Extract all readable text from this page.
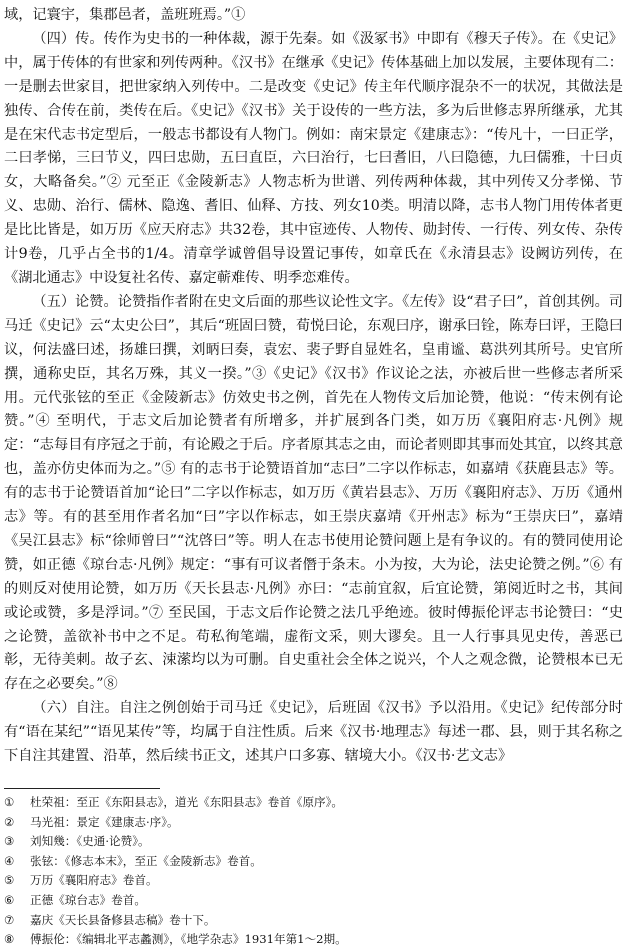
域，记寰宇，集郡邑者，盖班班焉。”①

（四）传。传作为史书的一种体裁，源于先秦。如《汲冢书》中即有《穆天子传》。在《史记》中，属于传体的有世家和列传两种。《汉书》在继承《史记》传体基础上加以发展，主要体现有二：一是删去世家目，把世家纳入列传中。二是改变《史记》传主年代顺序混杂不一的状况，其做法是独传、合传在前，类传在后。《史记》《汉书》关于设传的一些方法，多为后世修志界所继承，尤其是在宋代志书定型后，一般志书都设有人物门。例如：南宋景定《建康志》：“传凡十，一曰正学，二曰孝悌，三曰节义，四曰忠勋，五曰直臣，六曰治行，七曰耆旧，八曰隐德，九曰儒雅，十曰贞女，大略备矣。”② 元至正《金陵新志》人物志析为世谱、列传两种体裁，其中列传又分孝悌、节义、忠勋、治行、儒林、隐逸、耆旧、仙释、方技、列女10类。明清以降，志书人物门用传体者更是比比皆是，如万历《应天府志》共32卷，其中宦迹传、人物传、勋封传、一行传、列女传、杂传计9卷，几乎占全书的1/4。清章学诚曾倡导设置记事传，如章氏在《永清县志》设阙访列传，在《湖北通志》中设复社名传、嘉定蕲难传、明季恋难传。

（五）论赞。论赞指作者附在史文后面的那些议论性文字。《左传》设“君子曰”，首创其例。司马迁《史记》云“太史公曰”，其后“班固曰赞，荀悦曰论，东观曰序，谢承曰铨，陈寿曰评，王隐曰议，何法盛曰述，扬雄曰撰，刘昞曰奏，袁宏、裴子野自显姓名，皇甫谧、葛洪列其所号。史官所撰，通称史臣，其名万殊，其义一揆。”③《史记》《汉书》作议论之法，亦被后世一些修志者所采用。元代张铉的至正《金陵新志》仿效史书之例，首先在人物传文后加论赞，他说：“传末例有论赞。”④ 至明代，于志文后加论赞者有所增多，并扩展到各门类，如万历《襄阳府志·凡例》规定：“志每目有序冠之于前，有论殿之于后。序者原其志之由，而论者则即其事而处其宜，以终其意也，盖亦仿史体而为之。”⑤ 有的志书于论赞语首加“志曰”二字以作标志，如嘉靖《获鹿县志》等。有的志书于论赞语首加“论曰”二字以作标志，如万历《黄岩县志》、万历《襄阳府志》、万历《通州志》等。有的甚至用作者名加“曰”字以作标志，如王崇庆嘉靖《开州志》标为“王崇庆曰”，嘉靖《吴江县志》标“徐师曾曰”“沈啓曰”等。明人在志书使用论赞问题上是有争议的。有的赞同使用论赞，如正德《琼台志·凡例》规定：“事有可议者僭于条末。小为按，大为论，法史论赞之例。”⑥ 有的则反对使用论赞，如万历《天长县志·凡例》亦曰：“志前宜叙，后宜论赞，第阅近时之书，其间或论或赞，多是浮词。”⑦ 至民国，于志文后作论赞之法几乎绝迹。彼时傅振伦评志书论赞曰：“史之论赞，盖欲补书中之不足。苟私徇笔端，虚衔文采，则大谬矣。且一人行事具见史传，善恶已彰，无待美刺。故子玄、涑潆均以为可删。自史重社会全体之说兴，个人之观念微，论赞根本已无存在之必要矣。”⑧

（六）自注。自注之例创始于司马迁《史记》，后班固《汉书》予以沿用。《史记》纪传部分时有“语在某纪”“语见某传”等，均属于自注性质。后来《汉书·地理志》每述一郡、县，则于其名称之下自注其建置、沿革，然后续书正文，述其户口多寡、辖境大小。《汉书·艺文志》

① 杜荣祖：至正《东阳县志》，道光《东阳县志》卷首《原序》。
② 马光祖：景定《建康志·序》。
③ 刘知幾：《史通·论赞》。
④ 张铉：《修志本末》，至正《金陵新志》卷首。
⑤ 万历《襄阳府志》卷首。
⑥ 正德《琼台志》卷首。
⑦ 嘉庆《天长县备修县志稿》卷十下。
⑧ 傅振伦：《编辑北平志蠡测》，《地学杂志》1931年第1～2期。
